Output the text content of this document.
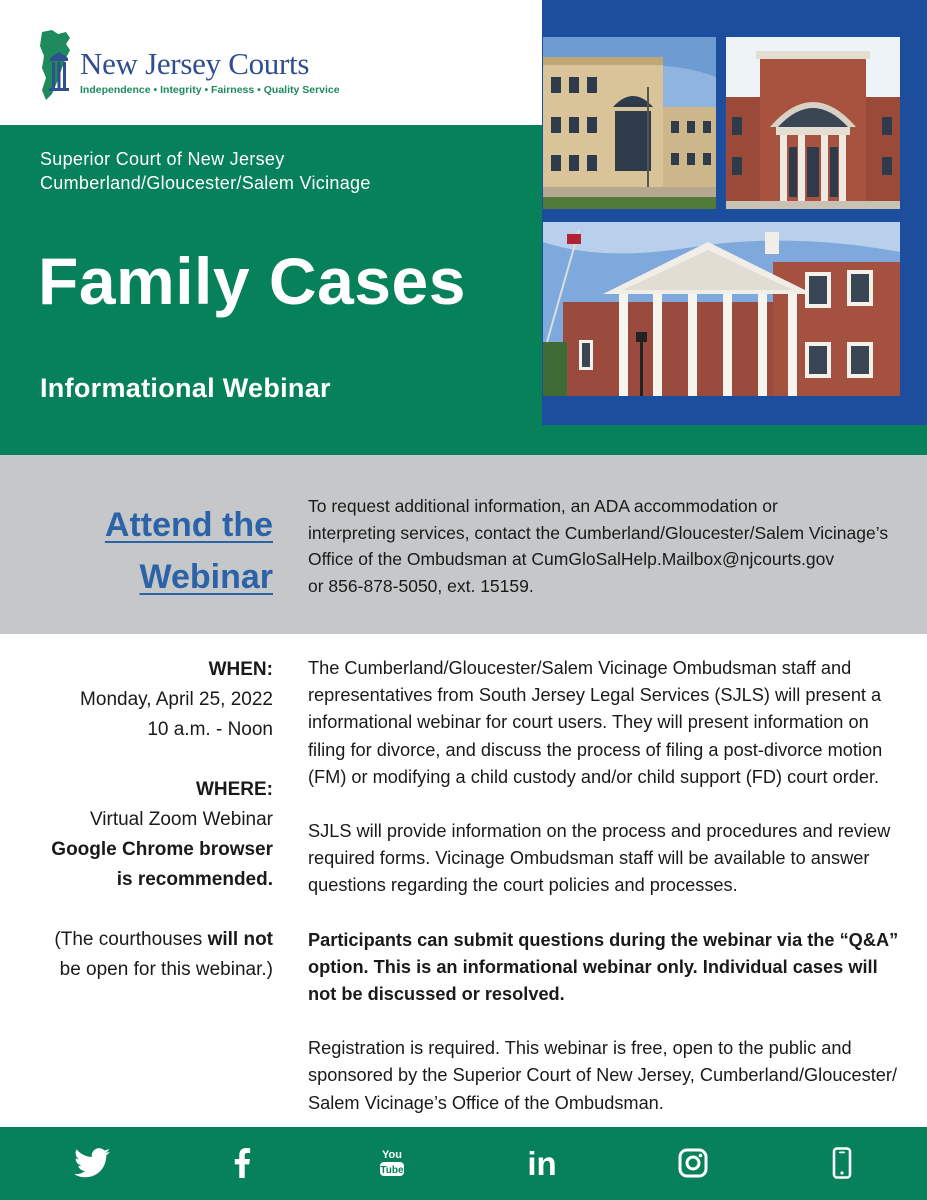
New Jersey Courts
Independence • Integrity • Fairness • Quality Service
Superior Court of New Jersey
Cumberland/Gloucester/Salem Vicinage
Family Cases
Informational Webinar
Attend the
Webinar
To request additional information, an ADA accommodation or
interpreting services, contact the Cumberland/Gloucester/Salem Vicinage’s
Office of the Ombudsman at CumGloSalHelp.Mailbox@njcourts.gov
or 856-878-5050, ext. 15159.
WHEN:
Monday, April 25, 2022
10 a.m. - Noon
WHERE:
Virtual Zoom Webinar
Google Chrome browser
is recommended.
(The courthouses will not
be open for this webinar.)

The Cumberland/Gloucester/Salem Vicinage Ombudsman staff and representatives from South Jersey Legal Services (SJLS) will present a informational webinar for court users. They will present information on filing for divorce, and discuss the process of filing a post-divorce motion (FM) or modifying a child custody and/or child support (FD) court order.

SJLS will provide information on the process and procedures and review required forms. Vicinage Ombudsman staff will be available to answer questions regarding the court policies and processes.

Participants can submit questions during the webinar via the “Q&A” option. This is an informational webinar only. Individual cases will not be discussed or resolved.

Registration is required. This webinar is free, open to the public and sponsored by the Superior Court of New Jersey, Cumberland/Gloucester/ Salem Vicinage’s Office of the Ombudsman.

You
Tube	in
